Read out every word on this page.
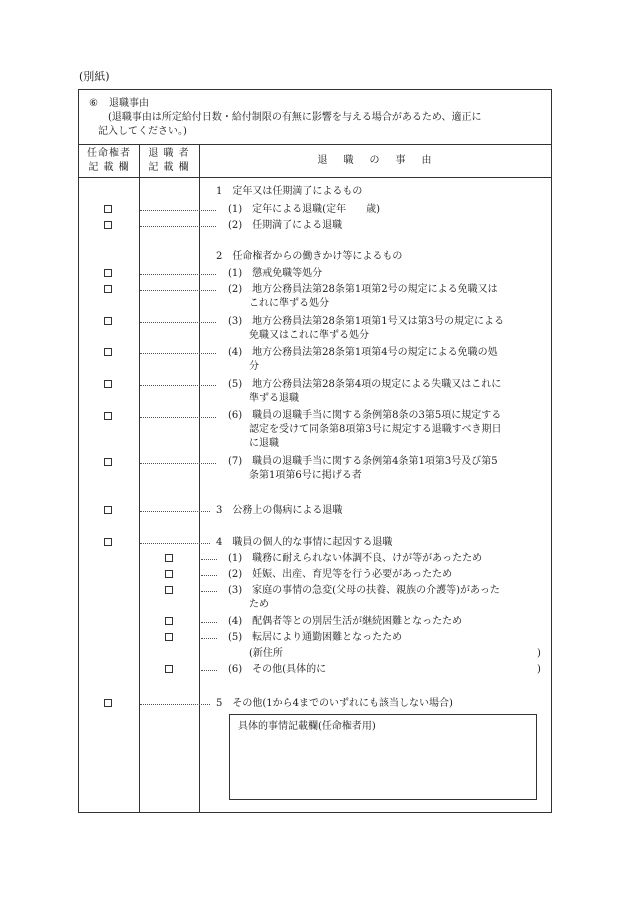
(別紙)
⑥ 退職事由
(退職事由は所定給付日数・給付制限の有無に影響を与える場合があるため、適正に
記入してください。)
任命権者
記 載 欄
退 職 者
記 載 欄
退　職　の　事　由
1　定年又は任期満了によるもの
(1)　定年による退職(定年　　歳)
(2)　任期満了による退職
2　任命権者からの働きかけ等によるもの
(1)　懲戒免職等処分
(2)　地方公務員法第28条第1項第2号の規定による免職又は
これに準ずる処分
(3)　地方公務員法第28条第1項第1号又は第3号の規定による
免職又はこれに準ずる処分
(4)　地方公務員法第28条第1項第4号の規定による免職の処
分
(5)　地方公務員法第28条第4項の規定による失職又はこれに
準ずる退職
(6)　職員の退職手当に関する条例第8条の3第5項に規定する
認定を受けて同条第8項第3号に規定する退職すべき期日
に退職
(7)　職員の退職手当に関する条例第4条第1項第3号及び第5
条第1項第6号に掲げる者
3　公務上の傷病による退職
4　職員の個人的な事情に起因する退職
(1)　職務に耐えられない体調不良、けが等があったため
(2)　妊娠、出産、育児等を行う必要があったため
(3)　家庭の事情の急変(父母の扶養、親族の介護等)があった
ため
(4)　配偶者等との別居生活が継続困難となったため
(5)　転居により通勤困難となったため
(新住所	)
(6)　その他(具体的に	)
5　その他(1から4までのいずれにも該当しない場合)
具体的事情記載欄(任命権者用)
